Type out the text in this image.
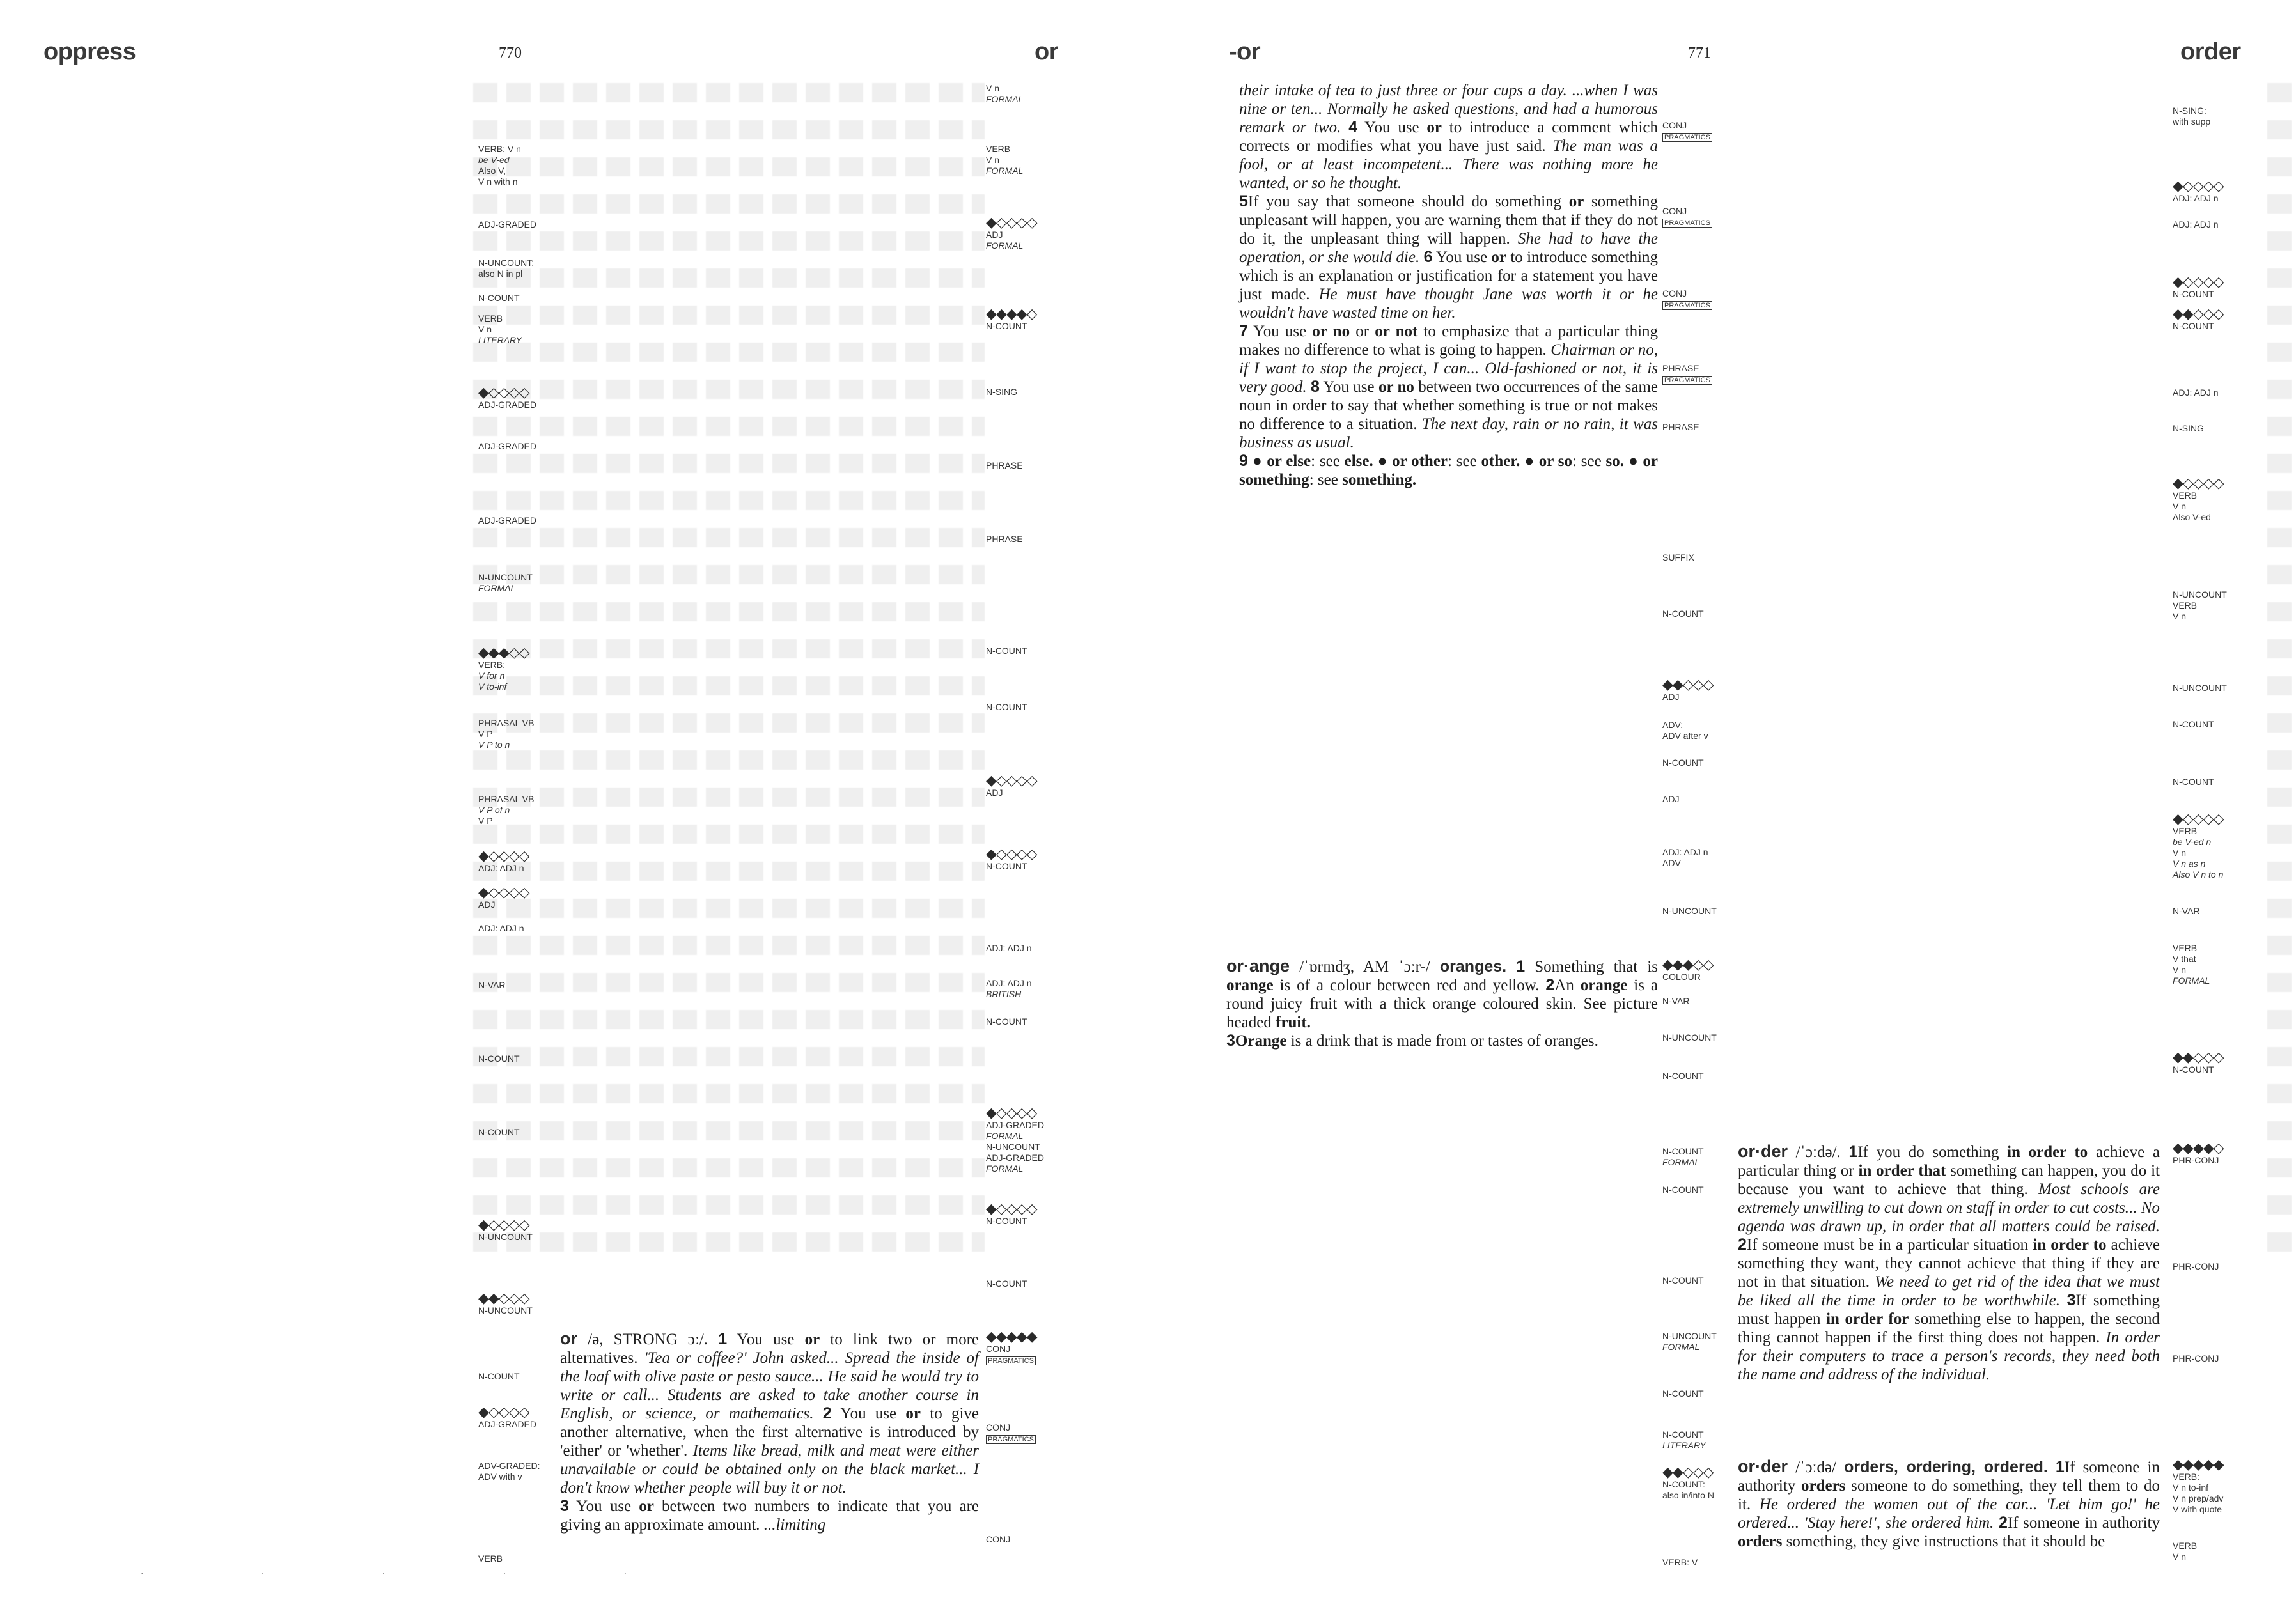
oppress	770	or
VERB: V n
be V-ed
Also V,
V n with n
ADJ-GRADED
N-UNCOUNT:
also N in pl
N-COUNT
VERB
V n
LITERARY
◆◇◇◇◇
ADJ-GRADED
ADJ-GRADED
ADJ-GRADED
N-UNCOUNT
FORMAL
◆◆◆◇◇
VERB:
V for n
V to-inf
PHRASAL VB
V P
V P to n
PHRASAL VB
V P of n
V P
◆◇◇◇◇
ADJ: ADJ n
◆◇◇◇◇
ADJ
ADJ: ADJ n
N-VAR
N-COUNT
N-COUNT
◆◇◇◇◇
N-UNCOUNT
◆◆◇◇◇
N-UNCOUNT
N-COUNT
◆◇◇◇◇
ADJ-GRADED
ADV-GRADED:
ADV with v
VERB
V n
FORMAL
VERB
V n
FORMAL
◆◇◇◇◇
ADJ
FORMAL
◆◆◆◆◇
N-COUNT
N-SING
PHRASE
PHRASE
N-COUNT
N-COUNT
◆◇◇◇◇
ADJ
◆◇◇◇◇
N-COUNT
ADJ: ADJ n
ADJ: ADJ n
BRITISH
N-COUNT
◆◇◇◇◇
ADJ-GRADED
FORMAL
N-UNCOUNT
ADJ-GRADED
FORMAL
◆◇◇◇◇
N-COUNT
N-COUNT
◆◆◆◆◆
CONJ
PRAGMATICS
CONJ
PRAGMATICS
CONJ

or /ə, STRONG ɔː/. 1 You use or to link two or more alternatives. 'Tea or coffee?' John asked... Spread the inside of the loaf with olive paste or pesto sauce... He said he would try to write or call... Students are asked to take another course in English, or science, or mathematics. 2 You use or to give another alternative, when the first alternative is introduced by 'either' or 'whether'. Items like bread, milk and meat were either unavailable or could be obtained only on the black market... I don't know whether people will buy it or not.

3 You use or between two numbers to indicate that you are giving an approximate amount. ...limiting

· · · · ·
-or	771	order
CONJ
PRAGMATICS
CONJ
PRAGMATICS
CONJ
PRAGMATICS
PHRASE
PRAGMATICS
PHRASE
SUFFIX
N-COUNT
◆◆◇◇◇
ADJ
ADV:
ADV after v
N-COUNT
ADJ
ADJ: ADJ n
ADV
N-UNCOUNT
◆◆◆◇◇
COLOUR
N-VAR
N-UNCOUNT
N-COUNT
N-COUNT
FORMAL
N-COUNT
N-COUNT
N-UNCOUNT
FORMAL
N-COUNT
N-COUNT
LITERARY
◆◆◇◇◇
N-COUNT:
also in/into N
VERB: V
N-SING:
with supp
◆◇◇◇◇
ADJ: ADJ n
ADJ: ADJ n
◆◇◇◇◇
N-COUNT
◆◆◇◇◇
N-COUNT
ADJ: ADJ n
N-SING
◆◇◇◇◇
VERB
V n
Also V-ed
N-UNCOUNT
VERB
V n
N-UNCOUNT
N-COUNT
N-COUNT
◆◇◇◇◇
VERB
be V-ed n
V n
V n as n
Also V n to n
N-VAR
VERB
V that
V n
FORMAL
◆◆◇◇◇
N-COUNT
◆◆◆◆◇
PHR-CONJ
PHR-CONJ
PHR-CONJ
◆◆◆◆◆
VERB:
V n to-inf
V n prep/adv
V with quote
VERB
V n

their intake of tea to just three or four cups a day. ...when I was nine or ten... Normally he asked questions, and had a humorous remark or two. 4 You use or to introduce a comment which corrects or modifies what you have just said. The man was a fool, or at least incompetent... There was nothing more he wanted, or so he thought.

5If you say that someone should do something or something unpleasant will happen, you are warning them that if they do not do it, the unpleasant thing will happen. She had to have the operation, or she would die. 6 You use or to introduce something which is an explanation or justification for a statement you have just made. He must have thought Jane was worth it or he wouldn't have wasted time on her.

7 You use or no or or not to emphasize that a particular thing makes no difference to what is going to happen. Chairman or no, if I want to stop the project, I can... Old-fashioned or not, it is very good. 8 You use or no between two occurrences of the same noun in order to say that whether something is true or not makes no difference to a situation. The next day, rain or no rain, it was business as usual.

9 ● or else: see else. ● or other: see other. ● or so: see so. ● or something: see something.

or·ange /ˈɒrɪndʒ, AM ˈɔːr-/ oranges. 1 Something that is orange is of a colour between red and yellow. 2An orange is a round juicy fruit with a thick orange coloured skin. See picture headed fruit.

3Orange is a drink that is made from or tastes of oranges.

or·der /ˈɔːdə/. 1If you do something in order to achieve a particular thing or in order that something can happen, you do it because you want to achieve that thing. Most schools are extremely unwilling to cut down on staff in order to cut costs... No agenda was drawn up, in order that all matters could be raised. 2If someone must be in a particular situation in order to achieve something they want, they cannot achieve that thing if they are not in that situation. We need to get rid of the idea that we must be liked all the time in order to be worthwhile. 3If something must happen in order for something else to happen, the second thing cannot happen if the first thing does not happen. In order for their computers to trace a person's records, they need both the name and address of the individual.

or·der /ˈɔːdə/ orders, ordering, ordered. 1If someone in authority orders someone to do something, they tell them to do it. He ordered the women out of the car... 'Let him go!' he ordered... 'Stay here!', she ordered him. 2If someone in authority orders something, they give instructions that it should be
